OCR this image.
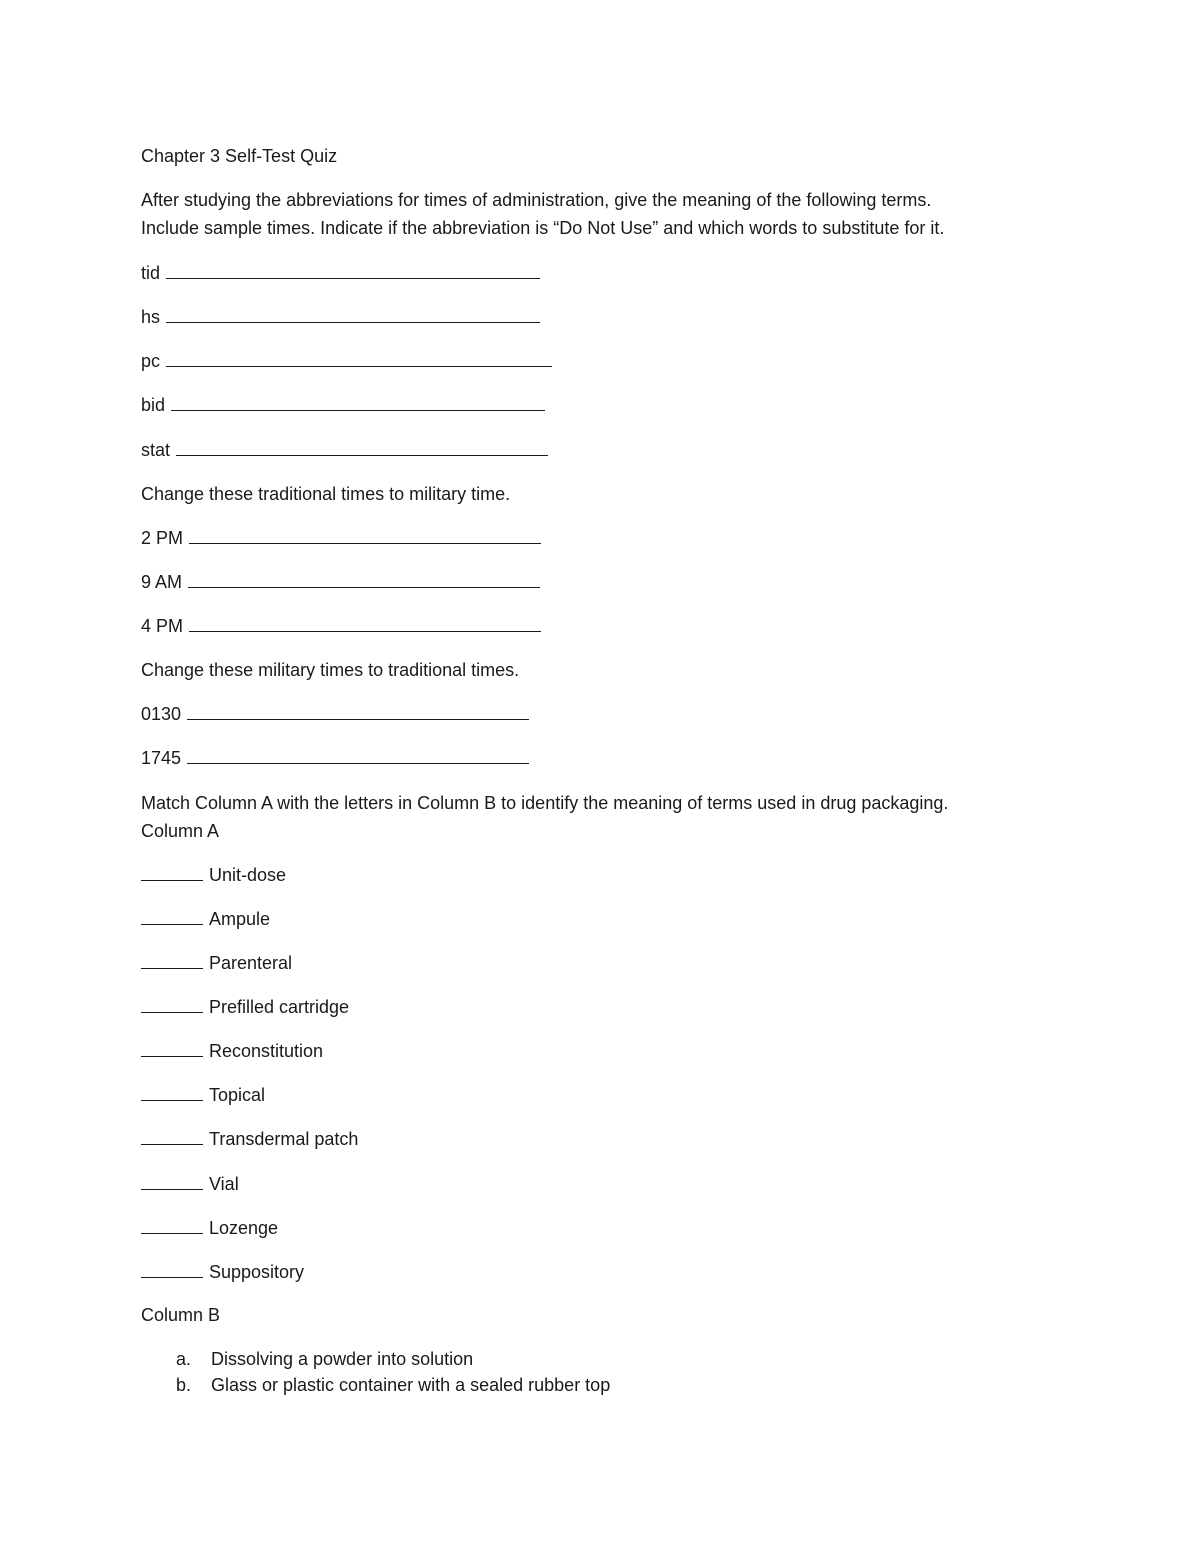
Chapter 3 Self-Test Quiz
After studying the abbreviations for times of administration, give the meaning of the following terms.
Include sample times. Indicate if the abbreviation is “Do Not Use” and which words to substitute for it.
tid
hs
pc
bid
stat
Change these traditional times to military time.
2 PM
9 AM
4 PM
Change these military times to traditional times.
0130
1745
Match Column A with the letters in Column B to identify the meaning of terms used in drug packaging.
Column A
Unit-dose
Ampule
Parenteral
Prefilled cartridge
Reconstitution
Topical
Transdermal patch
Vial
Lozenge
Suppository
Column B
a. Dissolving a powder into solution
b. Glass or plastic container with a sealed rubber top
